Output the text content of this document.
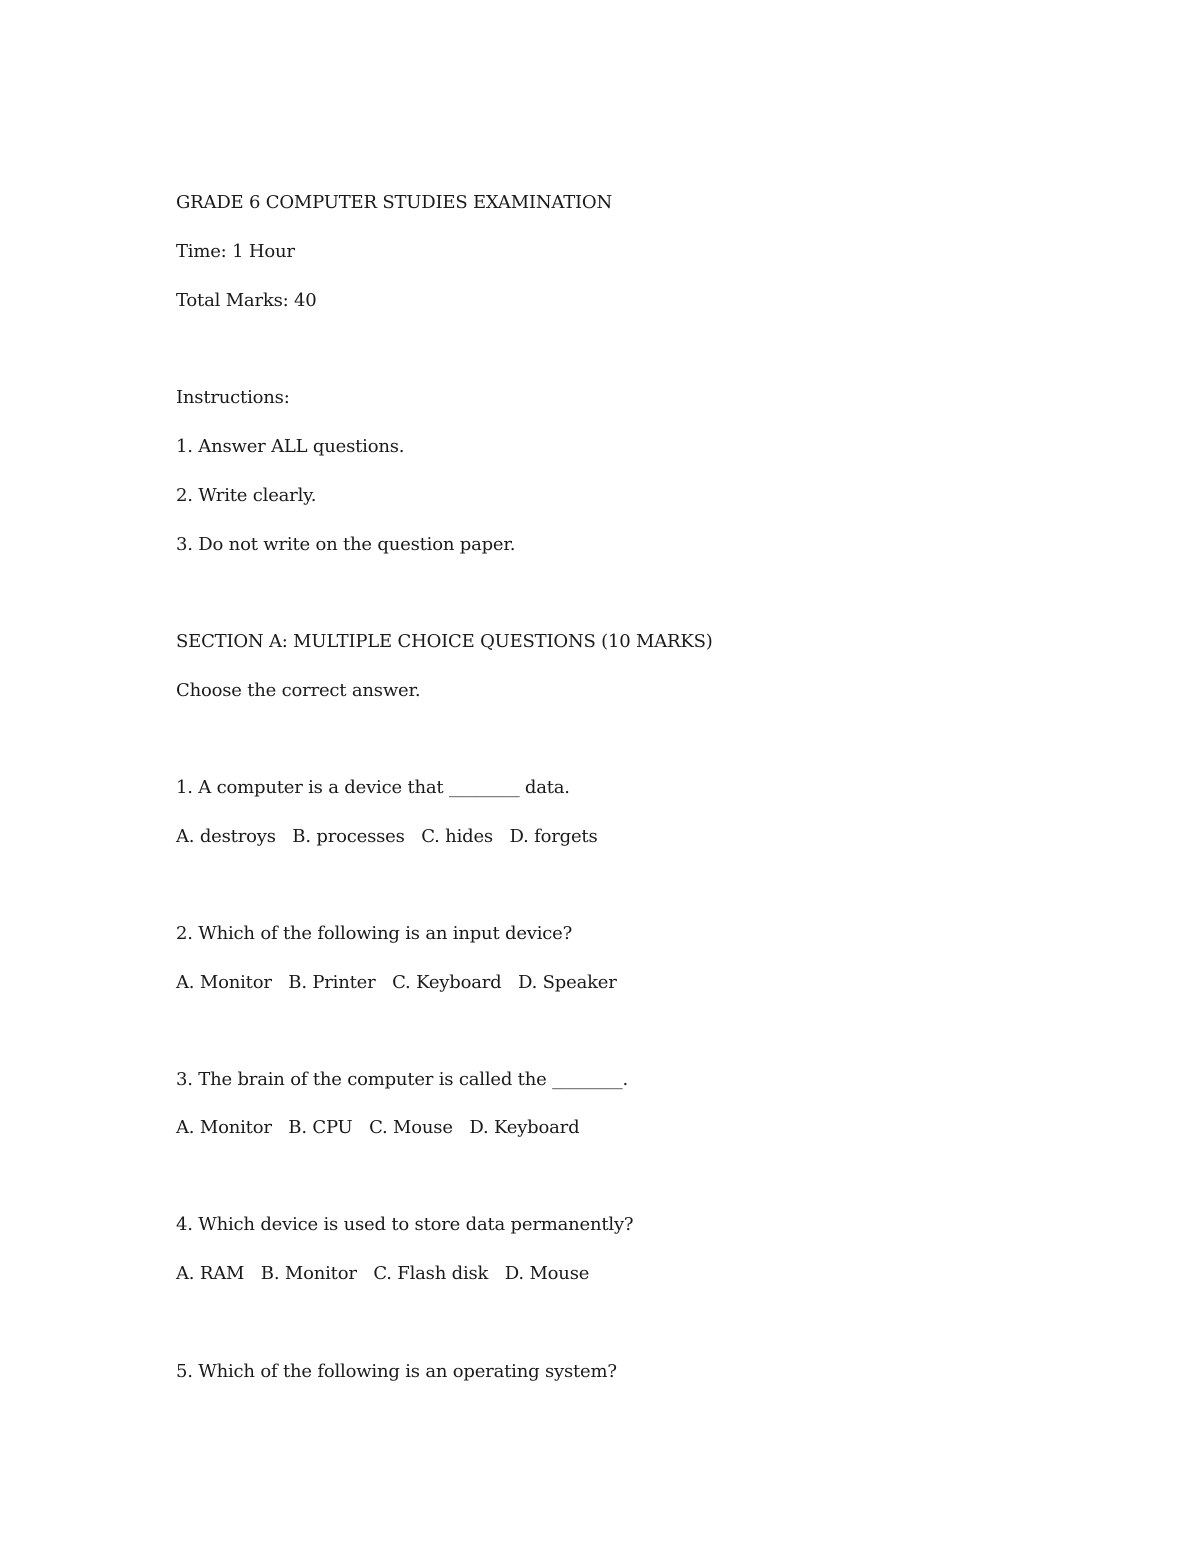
GRADE 6 COMPUTER STUDIES EXAMINATION
Time: 1 Hour
Total Marks: 40
Instructions:
1. Answer ALL questions.
2. Write clearly.
3. Do not write on the question paper.
SECTION A: MULTIPLE CHOICE QUESTIONS (10 MARKS)
Choose the correct answer.
1. A computer is a device that ________ data.
A. destroys   B. processes   C. hides   D. forgets
2. Which of the following is an input device?
A. Monitor   B. Printer   C. Keyboard   D. Speaker
3. The brain of the computer is called the ________.
A. Monitor   B. CPU   C. Mouse   D. Keyboard
4. Which device is used to store data permanently?
A. RAM   B. Monitor   C. Flash disk   D. Mouse
5. Which of the following is an operating system?
